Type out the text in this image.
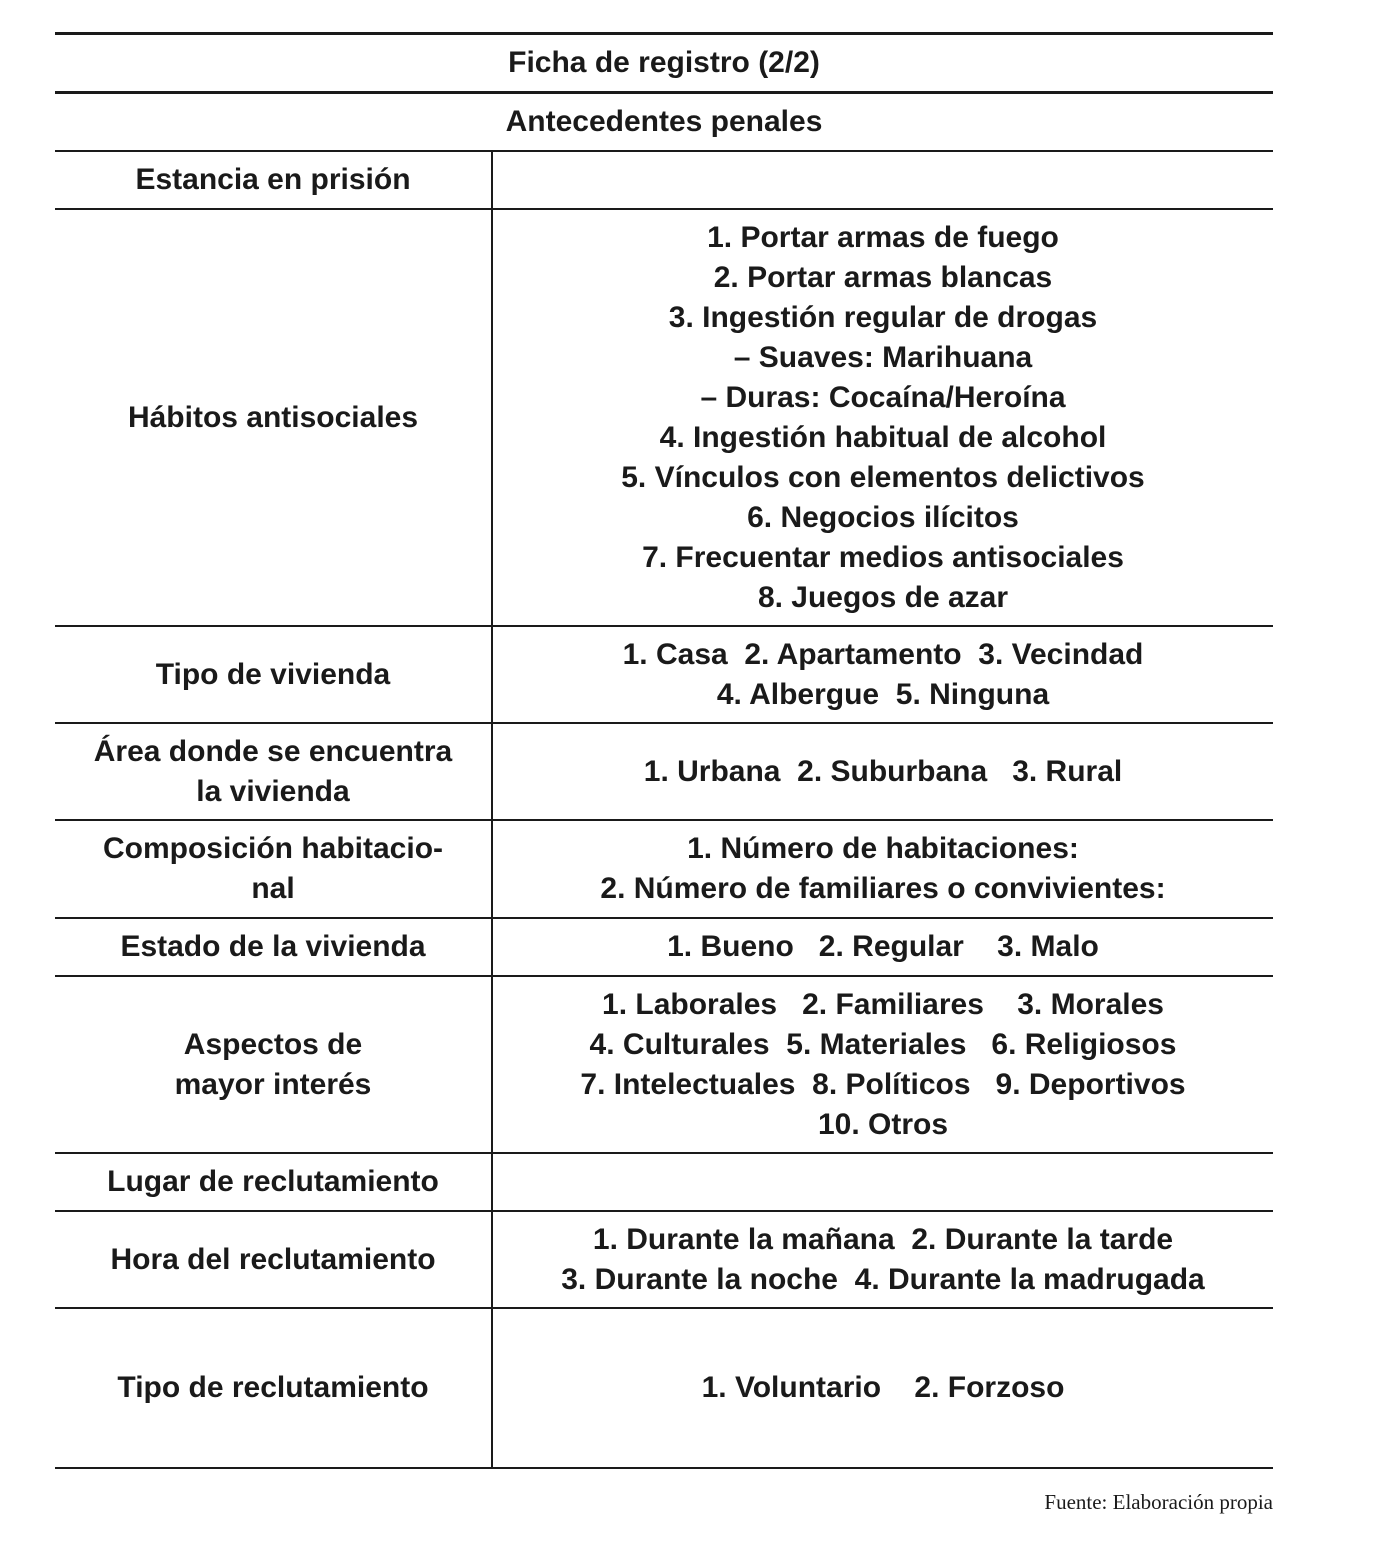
Ficha de registro (2/2)
Antecedentes penales
Estancia en prisión
Hábitos antisociales
1. Portar armas de fuego
2. Portar armas blancas
3. Ingestión regular de drogas
– Suaves: Marihuana
– Duras: Cocaína/Heroína
4. Ingestión habitual de alcohol
5. Vínculos con elementos delictivos
6. Negocios ilícitos
7. Frecuentar medios antisociales
8. Juegos de azar
Tipo de vivienda
1. Casa  2. Apartamento  3. Vecindad
4. Albergue  5. Ninguna
Área donde se encuentra la vivienda
1. Urbana  2. Suburbana   3. Rural
Composición habitacio-nal
1. Número de habitaciones:
2. Número de familiares o convivientes:
Estado de la vivienda	1. Bueno   2. Regular    3. Malo
Aspectos de mayor interés
1. Laborales   2. Familiares    3. Morales
4. Culturales  5. Materiales   6. Religiosos
7. Intelectuales  8. Políticos   9. Deportivos
10. Otros
Lugar de reclutamiento
Hora del reclutamiento
1. Durante la mañana  2. Durante la tarde
3. Durante la noche  4. Durante la madrugada
Tipo de reclutamiento	1. Voluntario    2. Forzoso
Fuente: Elaboración propia
